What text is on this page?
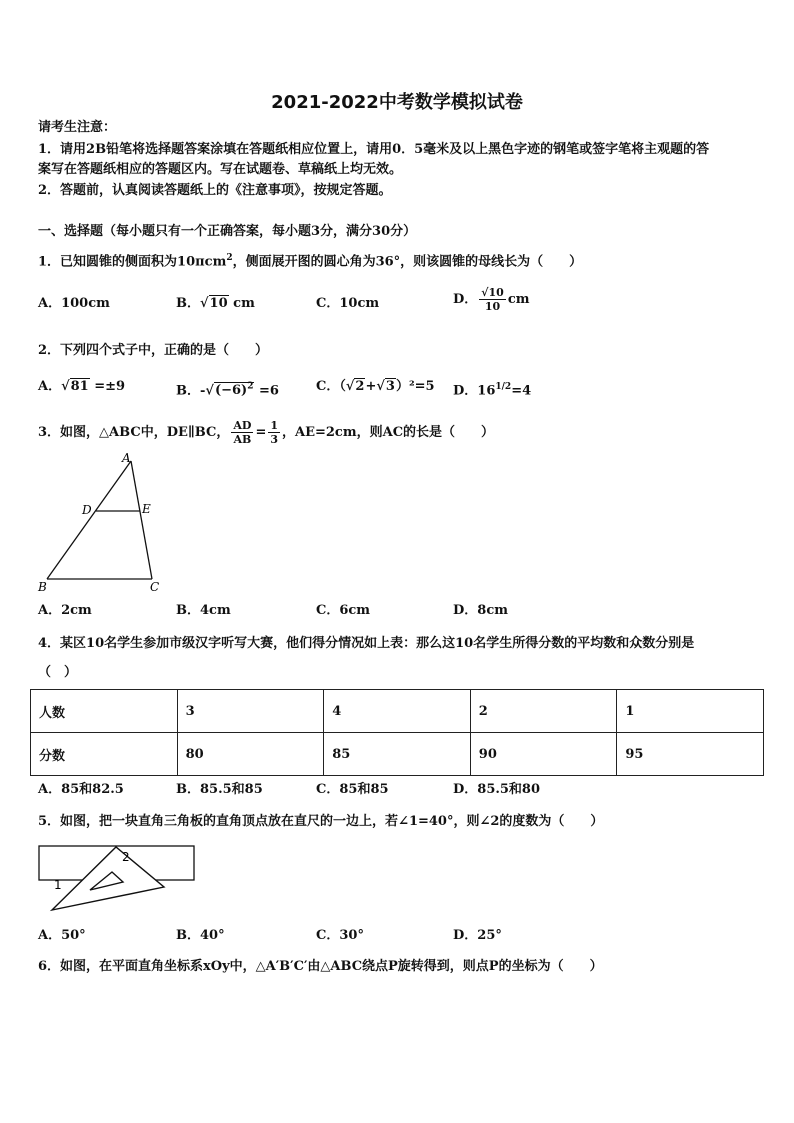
2021-2022中考数学模拟试卷
请考生注意：
1．请用2B铅笔将选择题答案涂填在答题纸相应位置上，请用0．5毫米及以上黑色字迹的钢笔或签字笔将主观题的答
案写在答题纸相应的答题区内。写在试题卷、草稿纸上均无效。
2．答题前，认真阅读答题纸上的《注意事项》，按规定答题。
一、选择题（每小题只有一个正确答案，每小题3分，满分30分）
1．已知圆锥的侧面积为10πcm$^2$，侧面展开图的圆心角为36°，则该圆锥的母线长为（　　）
A．100cm	B．√10 cm	C．10cm	D． $\frac{√10}{10}$ cm
2．下列四个式子中，正确的是（　　）
A．√81 =±9	B．$-√(-6)^2 =6$	C．（√2+√3）²=5 D．$16^{1/2}=4$
3．如图，△ABC中，DE∥BC， $\frac{AD}{AB} = \frac{1}{3}$ ，AE=2cm，则AC的长是（　　）
A
D	E
B	C
A．2cm	B．4cm	C．6cm	D．8cm
4．某区10名学生参加市级汉字听写大赛，他们得分情况如上表：那么这10名学生所得分数的平均数和众数分别是
（　）
人数	3	4	2	1
分数	80	85	90	95
A．85和82.5	B．85.5和85	C．85和85	D．85.5和80
5．如图，把一块直角三角板的直角顶点放在直尺的一边上，若∠1=40°，则∠2的度数为（　　）
2
1
A．50°	B．40°	C．30°	D．25°
6．如图，在平面直角坐标系xOy中，△A′B′C′由△ABC绕点P旋转得到，则点P的坐标为（　　）
